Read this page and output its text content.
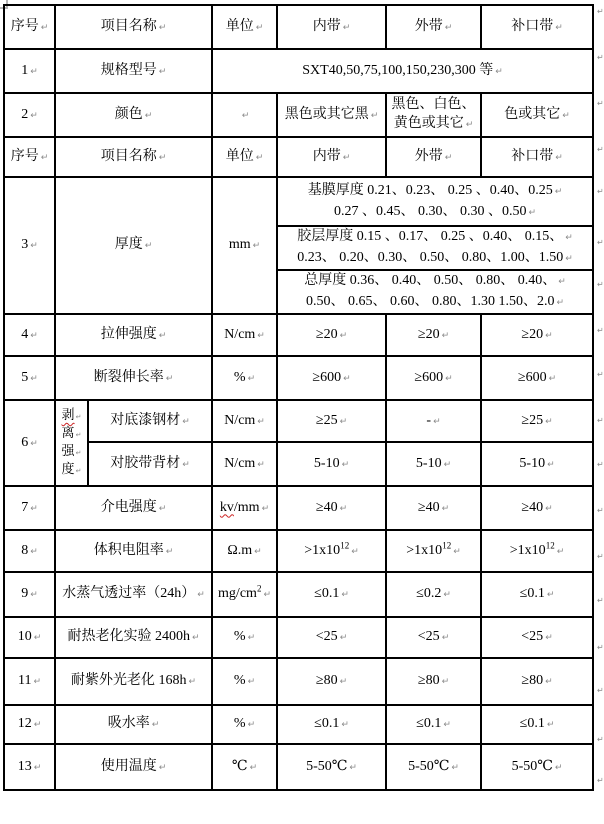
序号 ↵	项目名称 ↵		单位 ↵	内带 ↵	外带 ↵	补口带 ↵
1 ↵	规格型号 ↵		SXT40,50,75,100,150,230,300 等 ↵			
2 ↵	颜色 ↵		↵	黑色或其它黑 ↵	黑色、白色、黄色或其它 ↵	色或其它 ↵
序号 ↵	项目名称 ↵		单位 ↵	内带 ↵	外带 ↵	补口带 ↵
3 ↵	厚度 ↵		mm ↵	基膜厚度 0.21、0.23、 0.25 、0.40、0.25 ↵
0.27 、0.45、 0.30、 0.30 、0.50 ↵		

				胶层厚度 0.15 、0.17、 0.25 、0.40、 0.15、 ↵
0.23、 0.20、0.30、 0.50、 0.80、1.00、1.50 ↵		

				总厚度 0.36、 0.40、 0.50、 0.80、 0.40、 ↵
0.50、 0.65、 0.60、 0.80、1.30 1.50、2.0 ↵		

4 ↵	拉伸强度 ↵		N/cm ↵	≥20 ↵	≥20 ↵	≥20 ↵
5 ↵	断裂伸长率 ↵		% ↵	≥600 ↵	≥600 ↵	≥600 ↵
6 ↵	剥↵
离↵
强↵
度↵	对底漆钢材 ↵	N/cm ↵	≥25 ↵	- ↵	≥25 ↵
		对胶带背材 ↵	N/cm ↵	5-10 ↵	5-10 ↵	5-10 ↵
7 ↵	介电强度 ↵		kv/mm ↵	≥40 ↵	≥40 ↵	≥40 ↵
8 ↵	体积电阻率 ↵		Ω.m ↵	$>1x10^{12}↵$	$>1x10^{12}↵$	$>1x10^{12}↵$
9 ↵	水蒸气透过率（24h） ↵		$mg/cm^2↵$	≤0.1 ↵	≤0.2 ↵	≤0.1 ↵
10 ↵	耐热老化实验 2400h ↵		% ↵	<25 ↵	<25 ↵	<25 ↵
11 ↵	耐紫外光老化 168h ↵		% ↵	≥80 ↵	≥80 ↵	≥80 ↵
12 ↵	吸水率 ↵		% ↵	≤0.1 ↵	≤0.1 ↵	≤0.1 ↵
13 ↵	使用温度 ↵		℃ ↵	5-50℃ ↵	5-50℃ ↵	5-50℃ ↵
↵
↵
↵
↵
↵
↵
↵
↵
↵
↵
↵
↵
↵
↵
↵
↵
↵
↵
